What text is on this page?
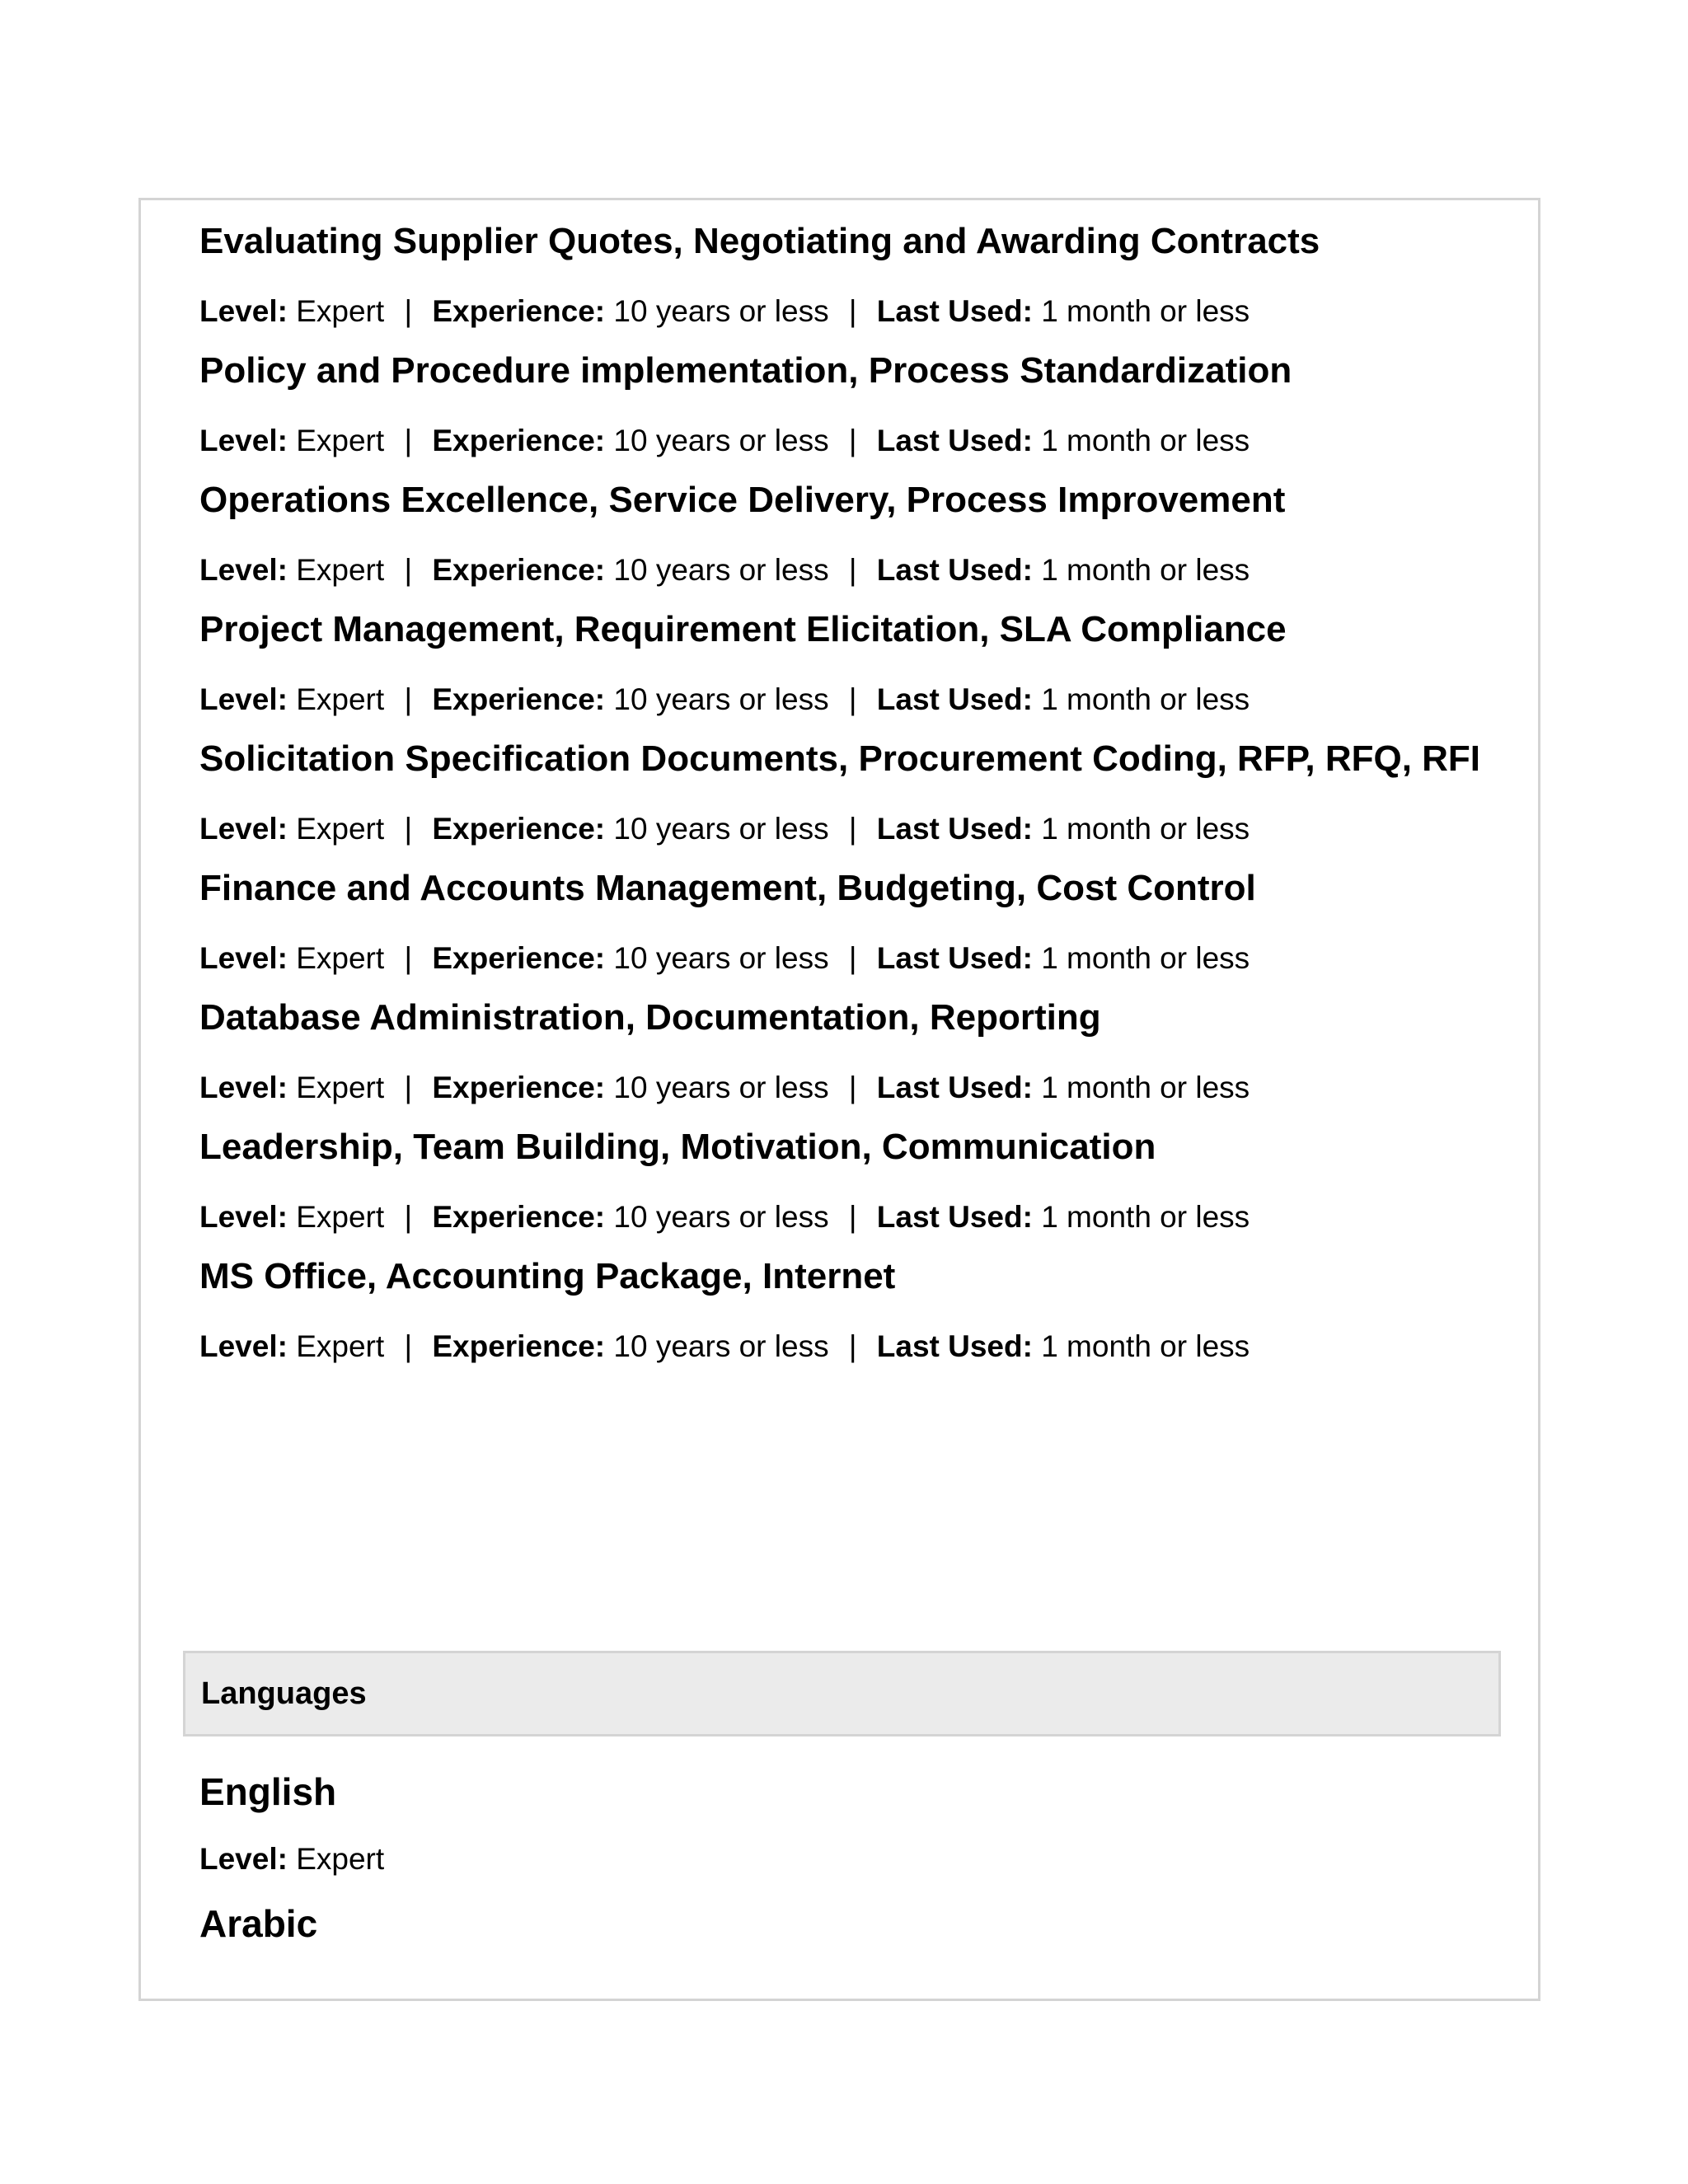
Evaluating Supplier Quotes, Negotiating and Awarding Contracts

Level: Expert | Experience: 10 years or less | Last Used: 1 month or less

Policy and Procedure implementation, Process Standardization

Level: Expert | Experience: 10 years or less | Last Used: 1 month or less

Operations Excellence, Service Delivery, Process Improvement

Level: Expert | Experience: 10 years or less | Last Used: 1 month or less

Project Management, Requirement Elicitation, SLA Compliance

Level: Expert | Experience: 10 years or less | Last Used: 1 month or less

Solicitation Specification Documents, Procurement Coding, RFP, RFQ, RFI

Level: Expert | Experience: 10 years or less | Last Used: 1 month or less

Finance and Accounts Management, Budgeting, Cost Control

Level: Expert | Experience: 10 years or less | Last Used: 1 month or less

Database Administration, Documentation, Reporting

Level: Expert | Experience: 10 years or less | Last Used: 1 month or less

Leadership, Team Building, Motivation, Communication

Level: Expert | Experience: 10 years or less | Last Used: 1 month or less

MS Office, Accounting Package, Internet

Level: Expert | Experience: 10 years or less | Last Used: 1 month or less

Languages

English

Level: Expert

Arabic
